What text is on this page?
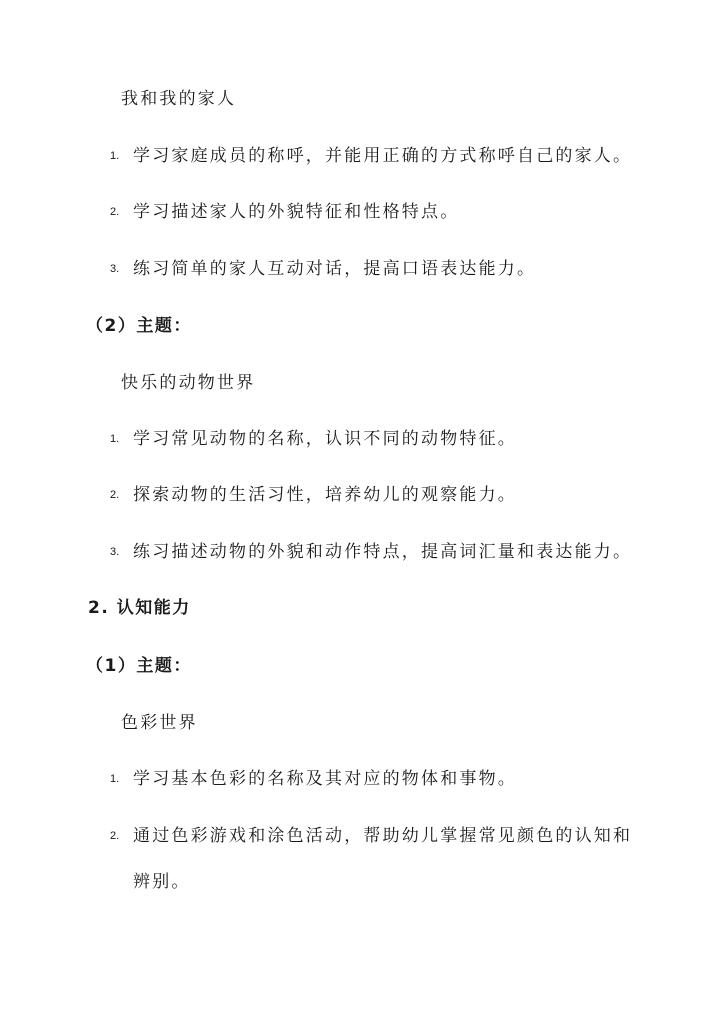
我和我的家人
1. 学习家庭成员的称呼，并能用正确的方式称呼自己的家人。
2. 学习描述家人的外貌特征和性格特点。
3. 练习简单的家人互动对话，提高口语表达能力。
（2）主题：
快乐的动物世界
1. 学习常见动物的名称，认识不同的动物特征。
2. 探索动物的生活习性，培养幼儿的观察能力。
3. 练习描述动物的外貌和动作特点，提高词汇量和表达能力。
2. 认知能力
（1）主题：
色彩世界
1. 学习基本色彩的名称及其对应的物体和事物。
2. 通过色彩游戏和涂色活动，帮助幼儿掌握常见颜色的认知和
辨别。
